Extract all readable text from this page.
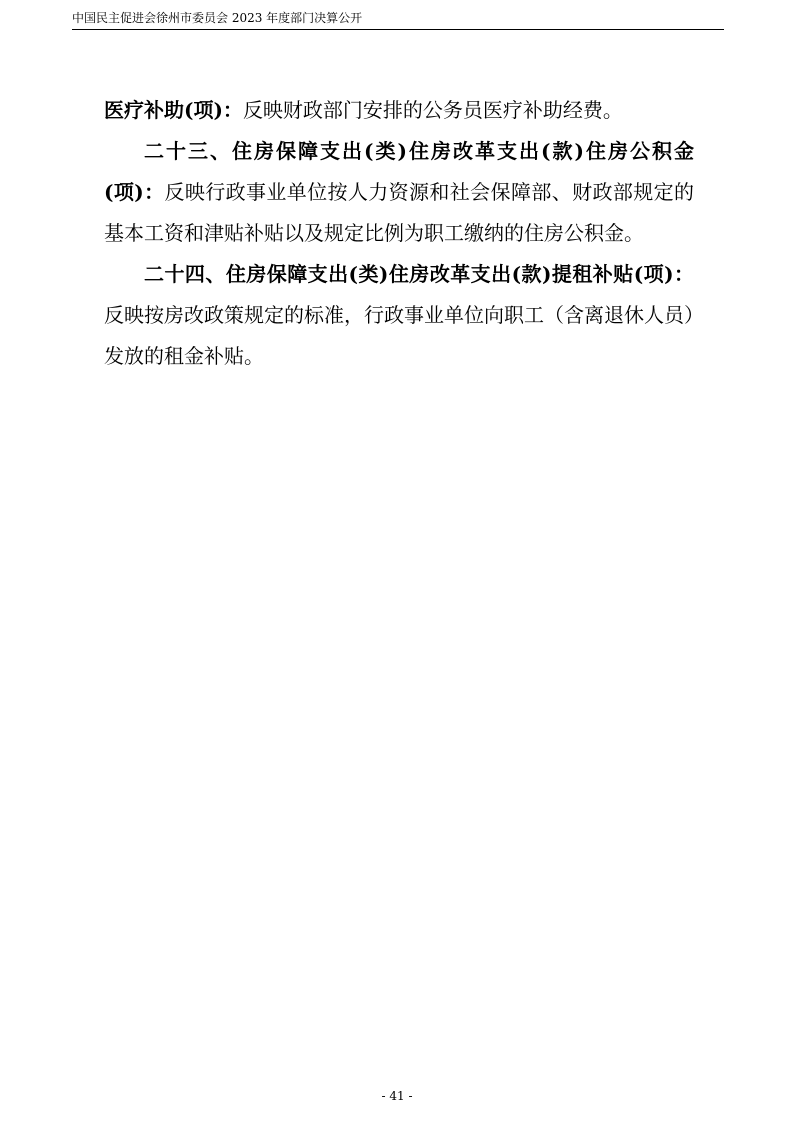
中国民主促进会徐州市委员会 2023 年度部门决算公开

医疗补助(项)：反映财政部门安排的公务员医疗补助经费。

二十三、住房保障支出(类)住房改革支出(款)住房公积金(项)：反映行政事业单位按人力资源和社会保障部、财政部规定的基本工资和津贴补贴以及规定比例为职工缴纳的住房公积金。

二十四、住房保障支出(类)住房改革支出(款)提租补贴(项)：反映按房改政策规定的标准，行政事业单位向职工（含离退休人员）发放的租金补贴。

- 41 -
